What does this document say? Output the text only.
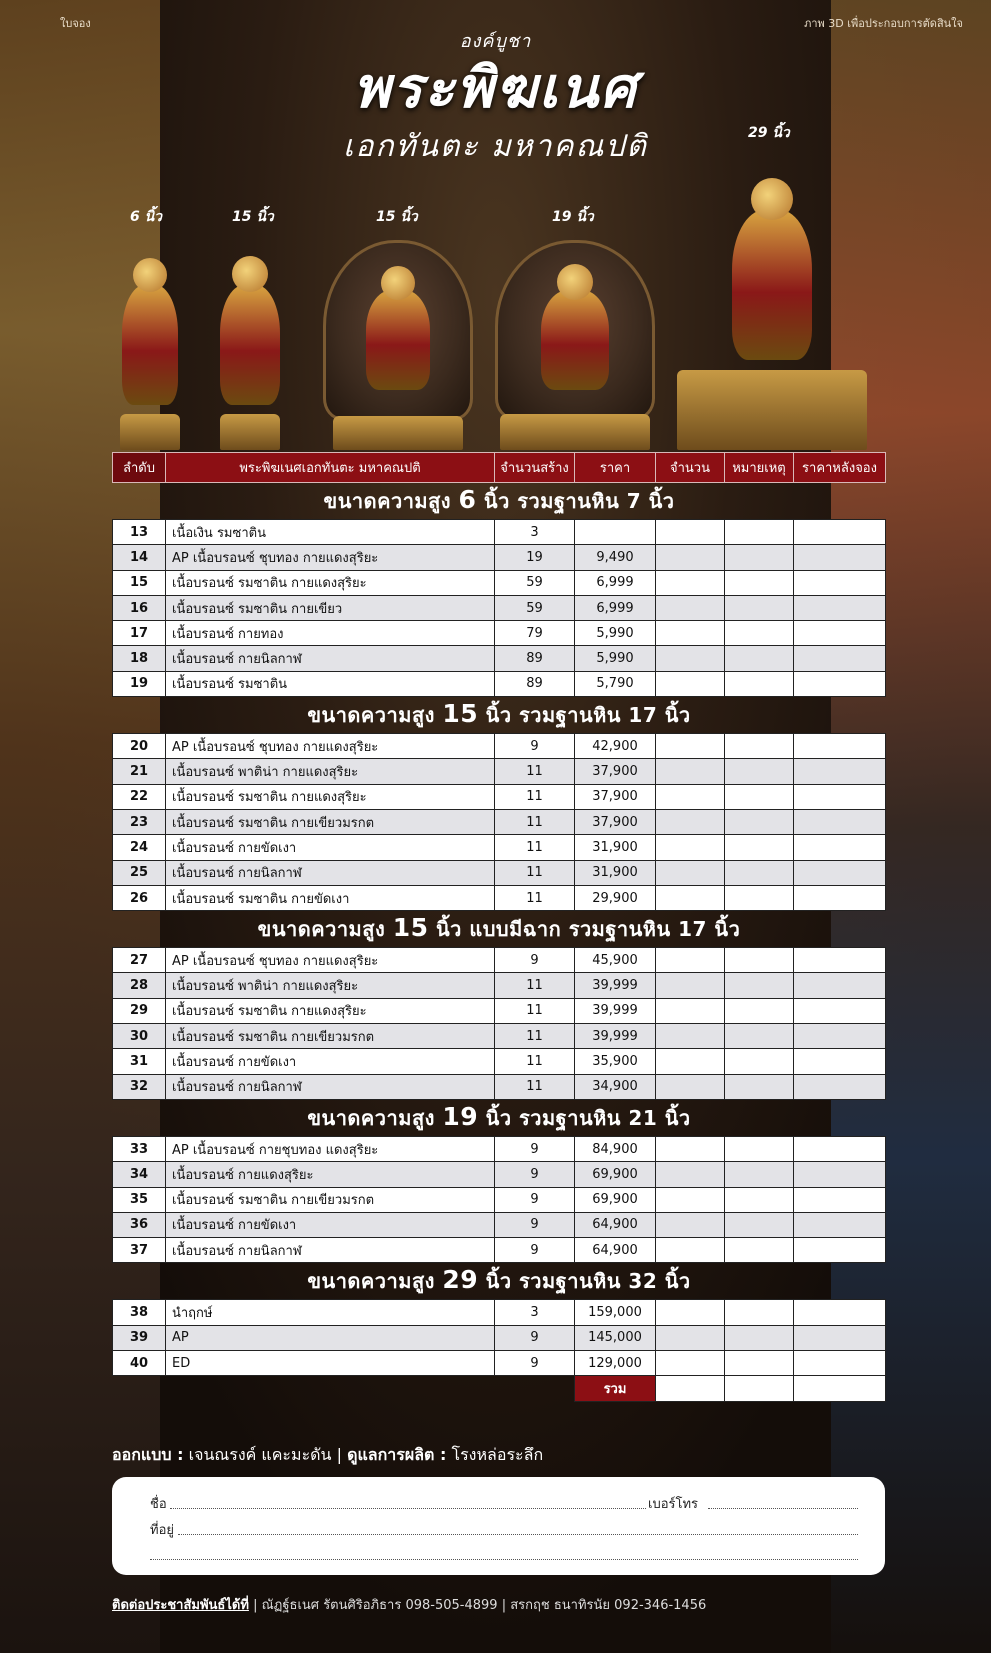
ใบจอง	ภาพ 3D เพื่อประกอบการตัดสินใจ
องค์บูชา
พระพิฆเนศ
เอกทันตะ มหาคณปติ
6 นิ้ว	15 นิ้ว	15 นิ้ว	19 นิ้ว
29 นิ้ว
ลำดับ	พระพิฆเนศเอกทันตะ มหาคณปติ	จำนวนสร้าง	ราคา	จำนวน	หมายเหตุ	ราคาหลังจอง
ขนาดความสูง 6 นิ้ว รวมฐานหิน 7 นิ้ว						
13	เนื้อเงิน รมซาติน	3				
14	AP เนื้อบรอนซ์ ชุบทอง กายแดงสุริยะ	19	9,490			
15	เนื้อบรอนซ์ รมซาติน กายแดงสุริยะ	59	6,999			
16	เนื้อบรอนซ์ รมซาติน กายเขียว	59	6,999			
17	เนื้อบรอนซ์ กายทอง	79	5,990			
18	เนื้อบรอนซ์ กายนิลกาฬ	89	5,990			
19	เนื้อบรอนซ์ รมซาติน	89	5,790			
ขนาดความสูง 15 นิ้ว รวมฐานหิน 17 นิ้ว						
20	AP เนื้อบรอนซ์ ชุบทอง กายแดงสุริยะ	9	42,900			
21	เนื้อบรอนซ์ พาติน่า กายแดงสุริยะ	11	37,900			
22	เนื้อบรอนซ์ รมซาติน กายแดงสุริยะ	11	37,900			
23	เนื้อบรอนซ์ รมซาติน กายเขียวมรกต	11	37,900			
24	เนื้อบรอนซ์ กายขัดเงา	11	31,900			
25	เนื้อบรอนซ์ กายนิลกาฬ	11	31,900			
26	เนื้อบรอนซ์ รมซาติน กายขัดเงา	11	29,900			
ขนาดความสูง 15 นิ้ว แบบมีฉาก รวมฐานหิน 17 นิ้ว						
27	AP เนื้อบรอนซ์ ชุบทอง กายแดงสุริยะ	9	45,900			
28	เนื้อบรอนซ์ พาติน่า กายแดงสุริยะ	11	39,999			
29	เนื้อบรอนซ์ รมซาติน กายแดงสุริยะ	11	39,999			
30	เนื้อบรอนซ์ รมซาติน กายเขียวมรกต	11	39,999			
31	เนื้อบรอนซ์ กายขัดเงา	11	35,900			
32	เนื้อบรอนซ์ กายนิลกาฬ	11	34,900			
ขนาดความสูง 19 นิ้ว รวมฐานหิน 21 นิ้ว						
33	AP เนื้อบรอนซ์ กายชุบทอง แดงสุริยะ	9	84,900			
34	เนื้อบรอนซ์ กายแดงสุริยะ	9	69,900			
35	เนื้อบรอนซ์ รมซาติน กายเขียวมรกต	9	69,900			
36	เนื้อบรอนซ์ กายขัดเงา	9	64,900			
37	เนื้อบรอนซ์ กายนิลกาฬ	9	64,900			
ขนาดความสูง 29 นิ้ว รวมฐานหิน 32 นิ้ว						
38	นำฤกษ์	3	159,000			
39	AP	9	145,000			
40	ED	9	129,000			
			รวม			
ออกแบบ : เจนณรงค์ แคะมะดัน | ดูแลการผลิต : โรงหล่อระลึก
ชื่อ	เบอร์โทร
ที่อยู่
ติดต่อประชาสัมพันธ์ได้ที่ | ณัฏฐ์ธเนศ รัตนศิริอภิธาร 098-505-4899 | สรกฤช ธนาทิรนัย 092-346-1456
